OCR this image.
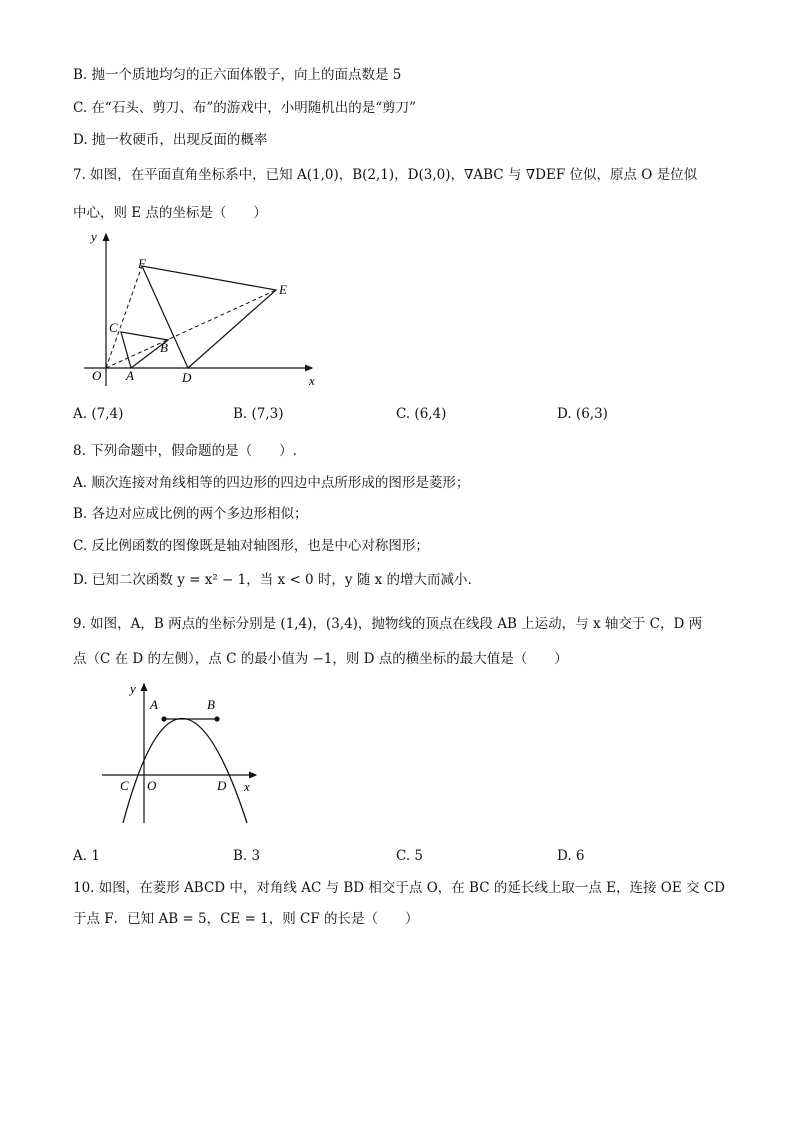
B. 抛一个质地均匀的正六面体骰子，向上的面点数是 5
C. 在“石头、剪刀、布”的游戏中，小明随机出的是“剪刀”
D. 抛一枚硬币，出现反面的概率
7. 如图，在平面直角坐标系中，已知 A(1,0)，B(2,1)，D(3,0)，∇ABC 与 ∇DEF 位似，原点 O 是位似
中心，则 E 点的坐标是（　　）
y
x
O A
B
C
D
E
F
A. (7,4)	B. (7,3)	C. (6,4)	D. (6,3)
8. 下列命题中，假命题的是（　　）.
A. 顺次连接对角线相等的四边形的四边中点所形成的图形是菱形；
B. 各边对应成比例的两个多边形相似；
C. 反比例函数的图像既是轴对轴图形，也是中心对称图形；
D. 已知二次函数 y = x² − 1，当 x < 0 时，y 随 x 的增大而减小.
9. 如图，A，B 两点的坐标分别是 (1,4)，(3,4)，抛物线的顶点在线段 AB 上运动，与 x 轴交于 C，D 两
点（C 在 D 的左侧），点 C 的最小值为 −1，则 D 点的横坐标的最大值是（　　）
y
x
A	B
C O	D
A. 1	B. 3	C. 5	D. 6
10. 如图，在菱形 ABCD 中，对角线 AC 与 BD 相交于点 O，在 BC 的延长线上取一点 E，连接 OE 交 CD
于点 F．已知 AB = 5，CE = 1，则 CF 的长是（　　）
